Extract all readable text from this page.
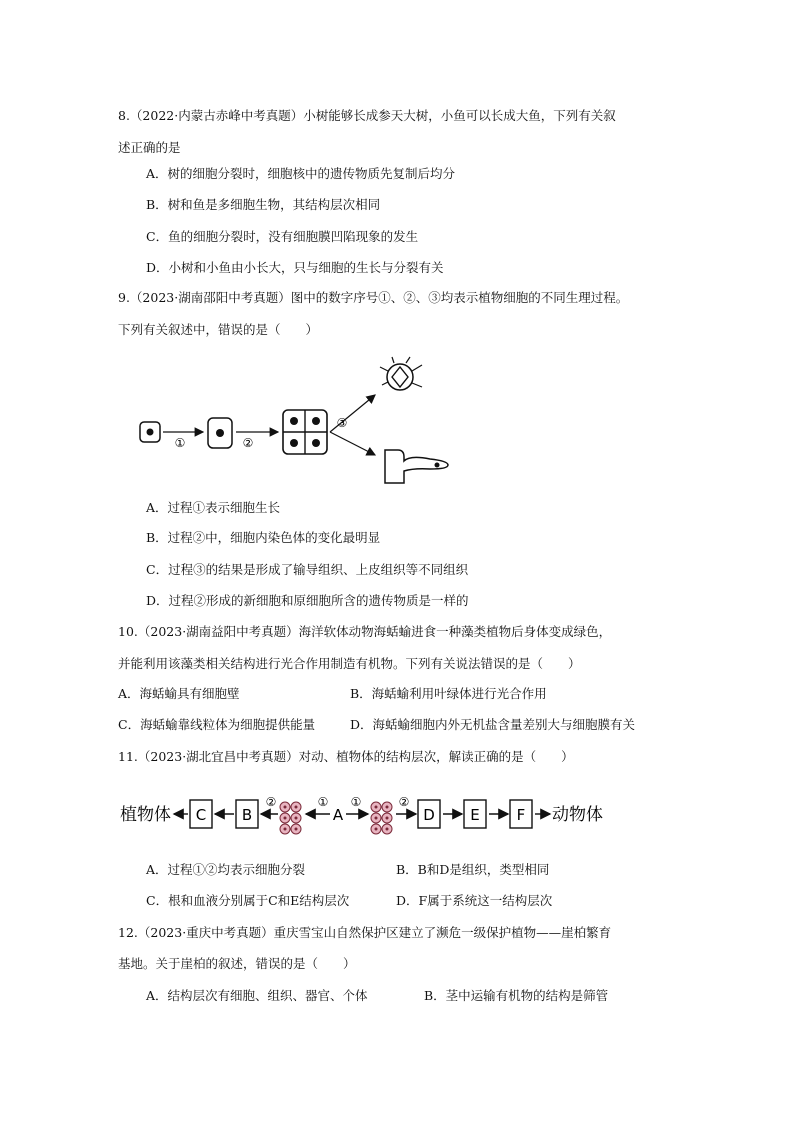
8.（2022·内蒙古赤峰中考真题）小树能够长成参天大树，小鱼可以长成大鱼，下列有关叙
述正确的是
A．树的细胞分裂时，细胞核中的遗传物质先复制后均分
B．树和鱼是多细胞生物，其结构层次相同
C．鱼的细胞分裂时，没有细胞膜凹陷现象的发生
D．小树和小鱼由小长大，只与细胞的生长与分裂有关
9.（2023·湖南邵阳中考真题）图中的数字序号①、②、③均表示植物细胞的不同生理过程。
下列有关叙述中，错误的是（　　）
①	②
③
A．过程①表示细胞生长
B．过程②中，细胞内染色体的变化最明显
C．过程③的结果是形成了输导组织、上皮组织等不同组织
D．过程②形成的新细胞和原细胞所含的遗传物质是一样的
10.（2023·湖南益阳中考真题）海洋软体动物海蛞蝓进食一种藻类植物后身体变成绿色，
并能利用该藻类相关结构进行光合作用制造有机物。下列有关说法错误的是（　　）
A．海蛞蝓具有细胞壁	B．海蛞蝓利用叶绿体进行光合作用
C．海蛞蝓靠线粒体为细胞提供能量	D．海蛞蝓细胞内外无机盐含量差别大与细胞膜有关
11.（2023·湖北宜昌中考真题）对动、植物体的结构层次，解读正确的是（　　）
植物体 C B
②	①
A
①	②
D E F 动物体
A．过程①②均表示细胞分裂	B．B和D是组织，类型相同
C．根和血液分别属于C和E结构层次	D．F属于系统这一结构层次
12.（2023·重庆中考真题）重庆雪宝山自然保护区建立了濒危一级保护植物——崖柏繁育
基地。关于崖柏的叙述，错误的是（　　）
A．结构层次有细胞、组织、器官、个体	B．茎中运输有机物的结构是筛管
